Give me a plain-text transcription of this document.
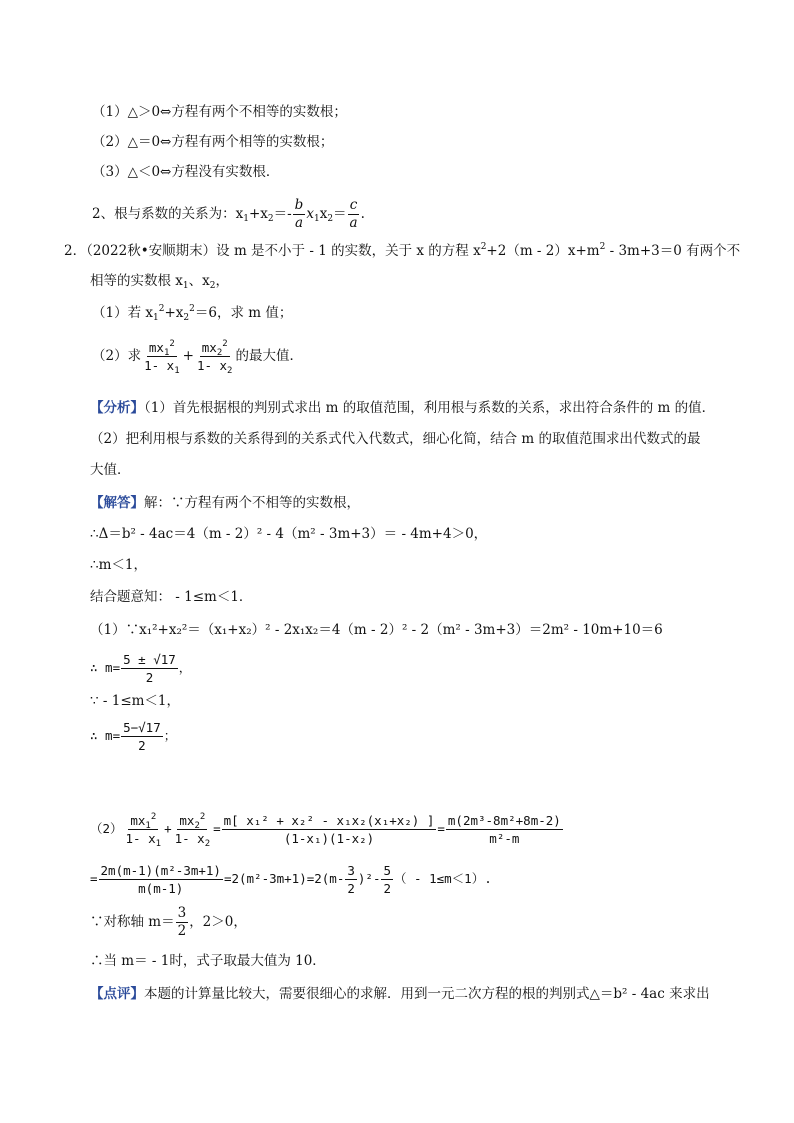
（1）△＞0⇔方程有两个不相等的实数根；
（2）△＝0⇔方程有两个相等的实数根；
（3）△＜0⇔方程没有实数根．
2、根与系数的关系为：$x_1+x_2=- \frac{b}{a} x_1x_2= \frac{c}{a}$ .
2．（2022秋•安顺期末）设 m 是不小于 - 1 的实数，关于 x 的方程 $x^2+2(m - 2)x+m^2 - 3m+3=0$ 有两个不
相等的实数根 $x_1$、$x_2$，
（1）若 $x_1^2+x_2^2=6$，求 m 值；
（2）求 $\frac{mx_1^2}{1- x_1} + \frac{mx_2^2}{1- x_2}$ 的最大值．
【分析】（1）首先根据根的判别式求出 m 的取值范围，利用根与系数的关系，求出符合条件的 m 的值．
（2）把利用根与系数的关系得到的关系式代入代数式，细心化简，结合 m 的取值范围求出代数式的最
大值．
【解答】解：∵方程有两个不相等的实数根，
∴Δ＝b² - 4ac＝4（m - 2）² - 4（m² - 3m+3）＝ - 4m+4＞0，
∴m＜1，
结合题意知： - 1≤m＜1．
（1）∵x₁²+x₂²＝（x₁+x₂）² - 2x₁x₂＝4（m - 2）² - 2（m² - 3m+3）＝2m² - 10m+10＝6
∴ $m= \frac{5 \pm √17}{2}$ ，
∵ - 1≤m＜1，
∴ $m= \frac{5-√17}{2}$ ；
$(2) \frac{mx_1^2}{1- x_1} + \frac{mx_2^2}{1- x_2} = \frac{\text{m[ x₁² + x₂² - x₁x₂(x₁+x₂) ]}}{\text{(1-x₁)(1-x₂)}} = \frac{\text{m(2m³-8m²+8m-2)}}{\text{m²-m}}$
= $\frac{\text{2m(m-1)(m²-3m+1)}}{m(m-1)} =2(m^2-3m+1)=2(m- \frac{3}{2} )^2- \frac{5}{2}$ （ - 1≤m＜1）.
∵对称轴 $m= \frac{3}{2}$ ，2＞0，
∴当 m＝ - 1时，式子取最大值为 10．
【点评】本题的计算量比较大，需要很细心的求解．用到一元二次方程的根的判别式△＝b² - 4ac 来求出
